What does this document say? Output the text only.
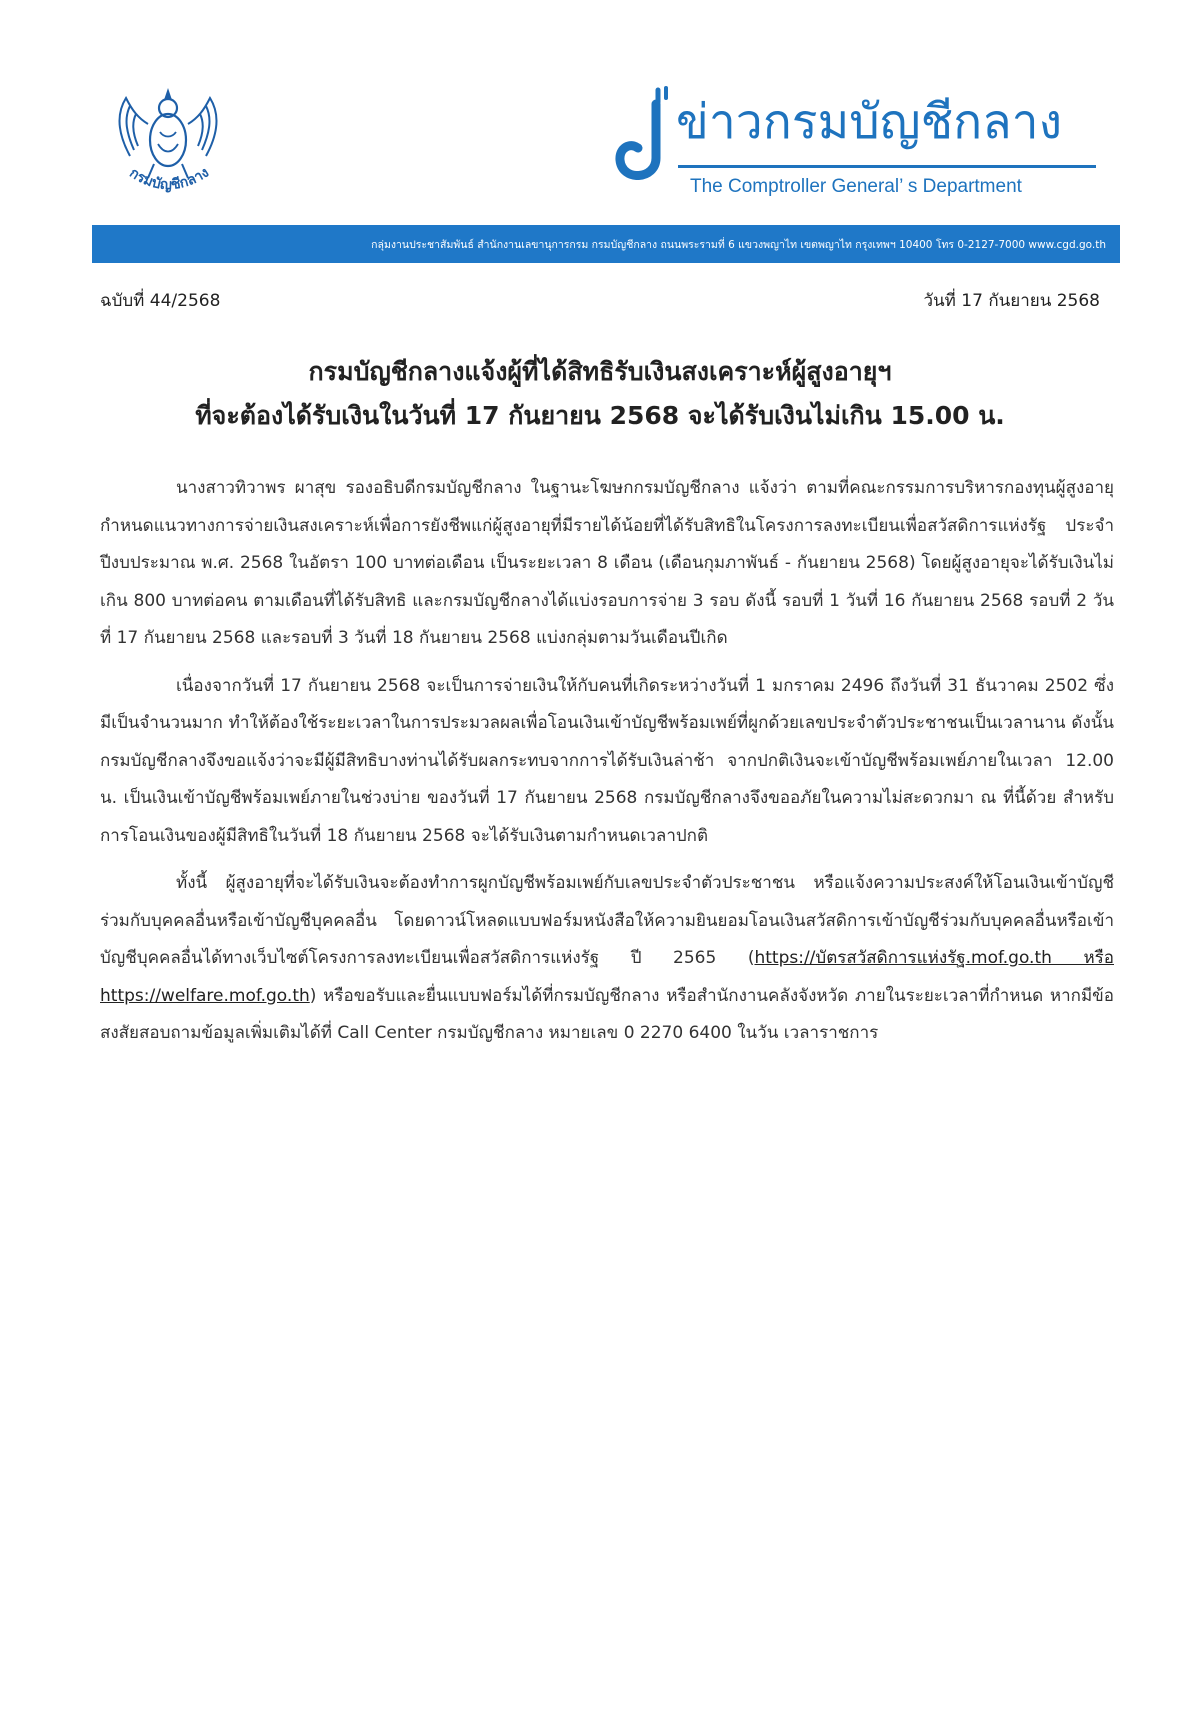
กรมบัญชีกลาง
ข่าวกรมบัญชีกลาง
The Comptroller General’ s Department
กลุ่มงานประชาสัมพันธ์ สำนักงานเลขานุการกรม กรมบัญชีกลาง ถนนพระรามที่ 6 แขวงพญาไท เขตพญาไท กรุงเทพฯ 10400 โทร 0-2127-7000 www.cgd.go.th
ฉบับที่ 44/2568	วันที่ 17 กันยายน 2568
กรมบัญชีกลางแจ้งผู้ที่ได้สิทธิรับเงินสงเคราะห์ผู้สูงอายุฯ
ที่จะต้องได้รับเงินในวันที่ 17 กันยายน 2568 จะได้รับเงินไม่เกิน 15.00 น.

นางสาวทิวาพร ผาสุข รองอธิบดีกรมบัญชีกลาง ในฐานะโฆษกกรมบัญชีกลาง แจ้งว่า ตามที่คณะกรรมการบริหารกองทุนผู้สูงอายุ กำหนดแนวทางการจ่ายเงินสงเคราะห์เพื่อการยังชีพแก่ผู้สูงอายุที่มีรายได้น้อยที่ได้รับสิทธิในโครงการลงทะเบียนเพื่อสวัสดิการแห่งรัฐ ประจำปีงบประมาณ พ.ศ. 2568 ในอัตรา 100 บาทต่อเดือน เป็นระยะเวลา 8 เดือน (เดือนกุมภาพันธ์ - กันยายน 2568) โดยผู้สูงอายุจะได้รับเงินไม่เกิน 800 บาทต่อคน ตามเดือนที่ได้รับสิทธิ และกรมบัญชีกลางได้แบ่งรอบการจ่าย 3 รอบ ดังนี้ รอบที่ 1 วันที่ 16 กันยายน 2568 รอบที่ 2 วันที่ 17 กันยายน 2568 และรอบที่ 3 วันที่ 18 กันยายน 2568 แบ่งกลุ่มตามวันเดือนปีเกิด

เนื่องจากวันที่ 17 กันยายน 2568 จะเป็นการจ่ายเงินให้กับคนที่เกิดระหว่างวันที่ 1 มกราคม 2496 ถึงวันที่ 31 ธันวาคม 2502 ซึ่งมีเป็นจำนวนมาก ทำให้ต้องใช้ระยะเวลาในการประมวลผลเพื่อโอนเงินเข้าบัญชีพร้อมเพย์ที่ผูกด้วยเลขประจำตัวประชาชนเป็นเวลานาน ดังนั้น กรมบัญชีกลางจึงขอแจ้งว่าจะมีผู้มีสิทธิบางท่านได้รับผลกระทบจากการได้รับเงินล่าช้า จากปกติเงินจะเข้าบัญชีพร้อมเพย์ภายในเวลา 12.00 น. เป็นเงินเข้าบัญชีพร้อมเพย์ภายในช่วงบ่าย ของวันที่ 17 กันยายน 2568 กรมบัญชีกลางจึงขออภัยในความไม่สะดวกมา ณ ที่นี้ด้วย สำหรับการโอนเงินของผู้มีสิทธิในวันที่ 18 กันยายน 2568 จะได้รับเงินตามกำหนดเวลาปกติ

ทั้งนี้ ผู้สูงอายุที่จะได้รับเงินจะต้องทำการผูกบัญชีพร้อมเพย์กับเลขประจำตัวประชาชน หรือแจ้งความประสงค์ให้โอนเงินเข้าบัญชีร่วมกับบุคคลอื่นหรือเข้าบัญชีบุคคลอื่น โดยดาวน์โหลดแบบฟอร์มหนังสือให้ความยินยอมโอนเงินสวัสดิการเข้าบัญชีร่วมกับบุคคลอื่นหรือเข้าบัญชีบุคคลอื่นได้ทางเว็บไซต์โครงการลงทะเบียนเพื่อสวัสดิการแห่งรัฐ ปี 2565 (https://บัตรสวัสดิการแห่งรัฐ.mof.go.th หรือ https://welfare.mof.go.th) หรือขอรับและยื่นแบบฟอร์มได้ที่กรมบัญชีกลาง หรือสำนักงานคลังจังหวัด ภายในระยะเวลาที่กำหนด หากมีข้อสงสัยสอบถามข้อมูลเพิ่มเติมได้ที่ Call Center กรมบัญชีกลาง หมายเลข 0 2270 6400 ในวัน เวลาราชการ
